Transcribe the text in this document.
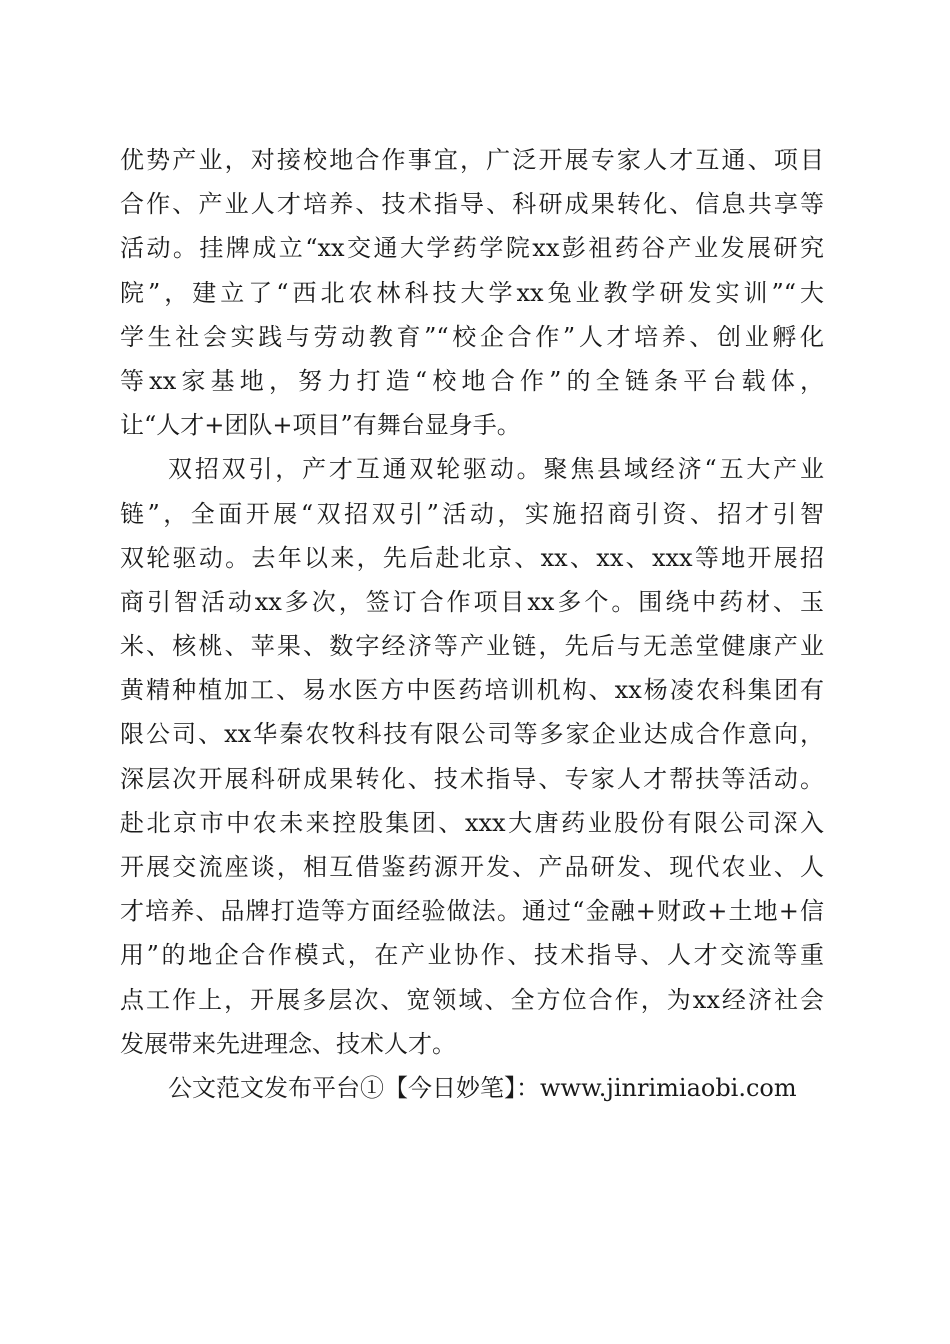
优势产业，对接校地合作事宜，广泛开展专家人才互通、项目
合作、产业人才培养、技术指导、科研成果转化、信息共享等
活动。挂牌成立“xx交通大学药学院xx彭祖药谷产业发展研究
院”，建立了“西北农林科技大学xx兔业教学研发实训”“大
学生社会实践与劳动教育”“校企合作”人才培养、创业孵化
等xx家基地，努力打造“校地合作”的全链条平台载体，
让“人才+团队+项目”有舞台显身手。
双招双引，产才互通双轮驱动。聚焦县域经济“五大产业
链”，全面开展“双招双引”活动，实施招商引资、招才引智
双轮驱动。去年以来，先后赴北京、xx、xx、xxx等地开展招
商引智活动xx多次，签订合作项目xx多个。围绕中药材、玉
米、核桃、苹果、数字经济等产业链，先后与无恙堂健康产业
黄精种植加工、易水医方中医药培训机构、xx杨凌农科集团有
限公司、xx华秦农牧科技有限公司等多家企业达成合作意向，
深层次开展科研成果转化、技术指导、专家人才帮扶等活动。
赴北京市中农未来控股集团、xxx大唐药业股份有限公司深入
开展交流座谈，相互借鉴药源开发、产品研发、现代农业、人
才培养、品牌打造等方面经验做法。通过“金融+财政+土地+信
用”的地企合作模式，在产业协作、技术指导、人才交流等重
点工作上，开展多层次、宽领域、全方位合作，为xx经济社会
发展带来先进理念、技术人才。
公文范文发布平台①【今日妙笔】：www.jinrimiaobi.com
